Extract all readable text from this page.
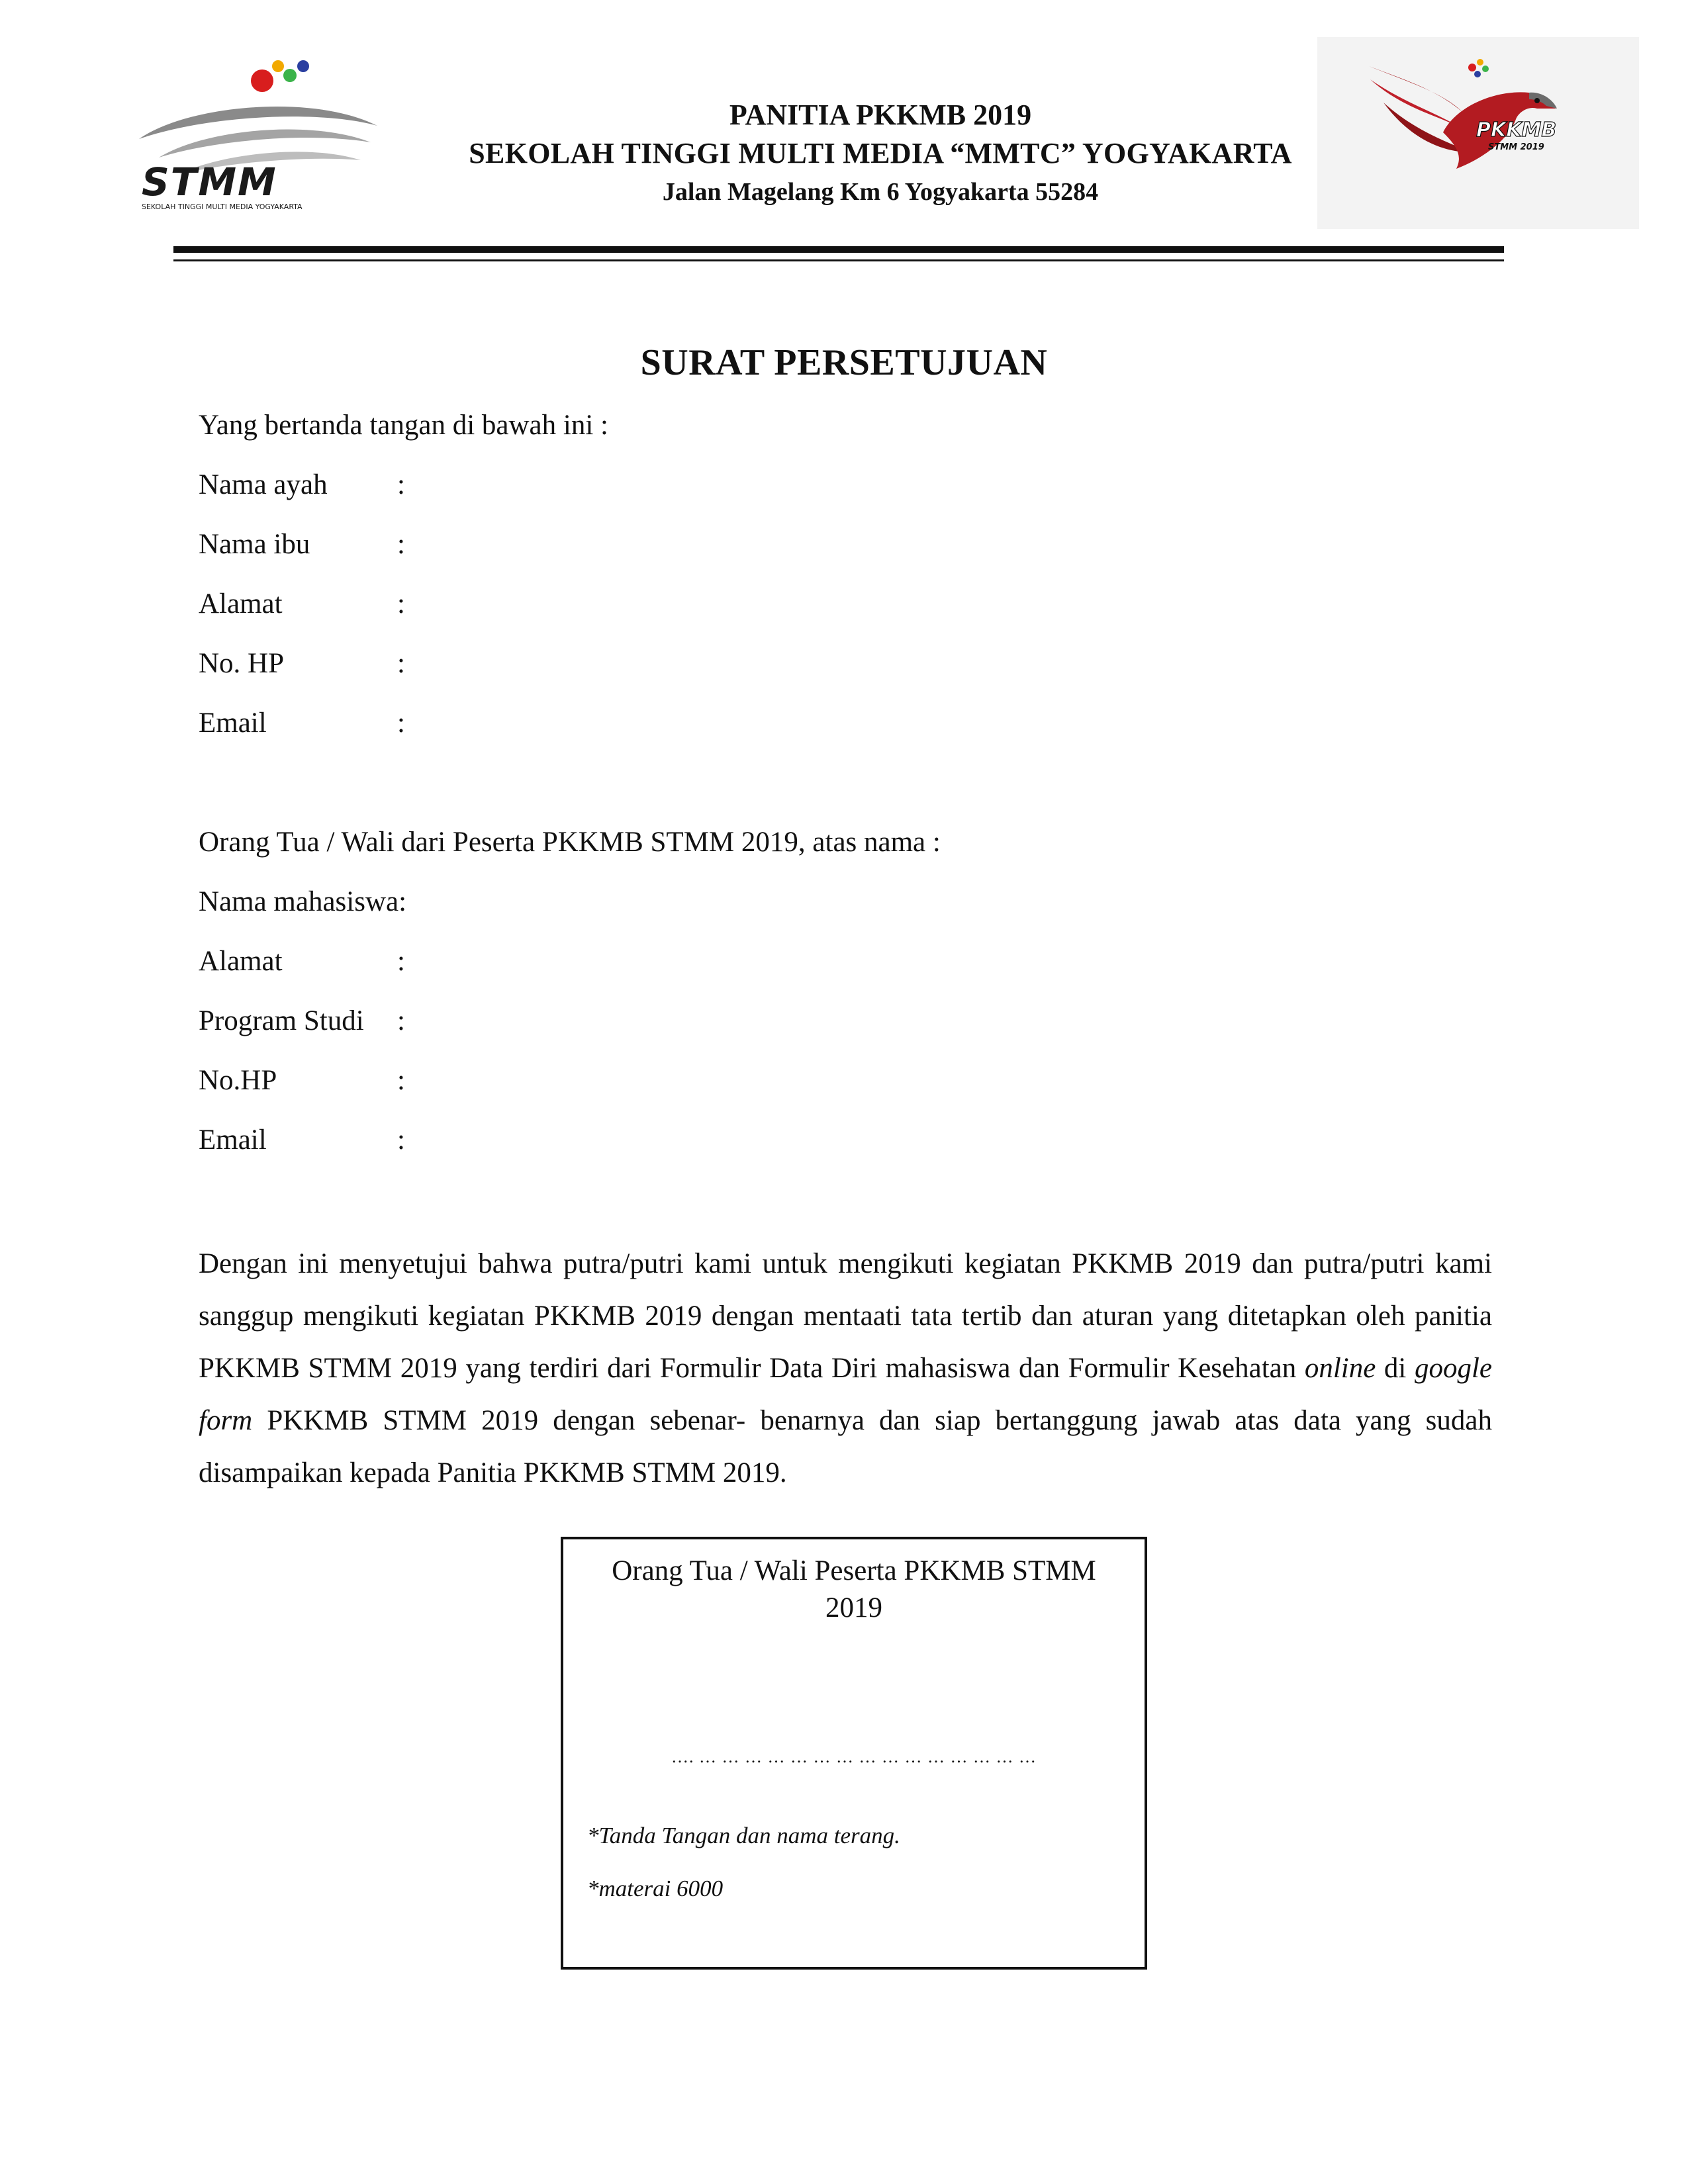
STMM
SEKOLAH TINGGI MULTI MEDIA YOGYAKARTA
PANITIA PKKMB 2019
SEKOLAH TINGGI MULTI MEDIA “MMTC” YOGYAKARTA
Jalan Magelang Km 6 Yogyakarta 55284
PKKMB
STMM 2019
SURAT PERSETUJUAN
Yang bertanda tangan di bawah ini :
Nama ayah :
Nama ibu	:
Alamat	:
No. HP	:
Email	:
Orang Tua / Wali dari Peserta PKKMB STMM 2019, atas nama :
Nama mahasiswa:
Alamat	:
Program Studi :
No.HP	:
Email	:
Dengan ini menyetujui bahwa putra/putri kami untuk mengikuti kegiatan PKKMB 2019 dan putra/putri kami sanggup mengikuti kegiatan PKKMB 2019 dengan mentaati tata tertib dan aturan yang ditetapkan oleh panitia PKKMB STMM 2019 yang terdiri dari Formulir Data Diri mahasiswa dan Formulir Kesehatan online di google form PKKMB STMM 2019 dengan sebenar- benarnya dan siap bertanggung jawab atas data yang sudah disampaikan kepada Panitia PKKMB STMM 2019.
Orang Tua / Wali Peserta PKKMB STMM
2019
…. … … … … … … … … … … … … … … …
*Tanda Tangan dan nama terang.
*materai 6000
